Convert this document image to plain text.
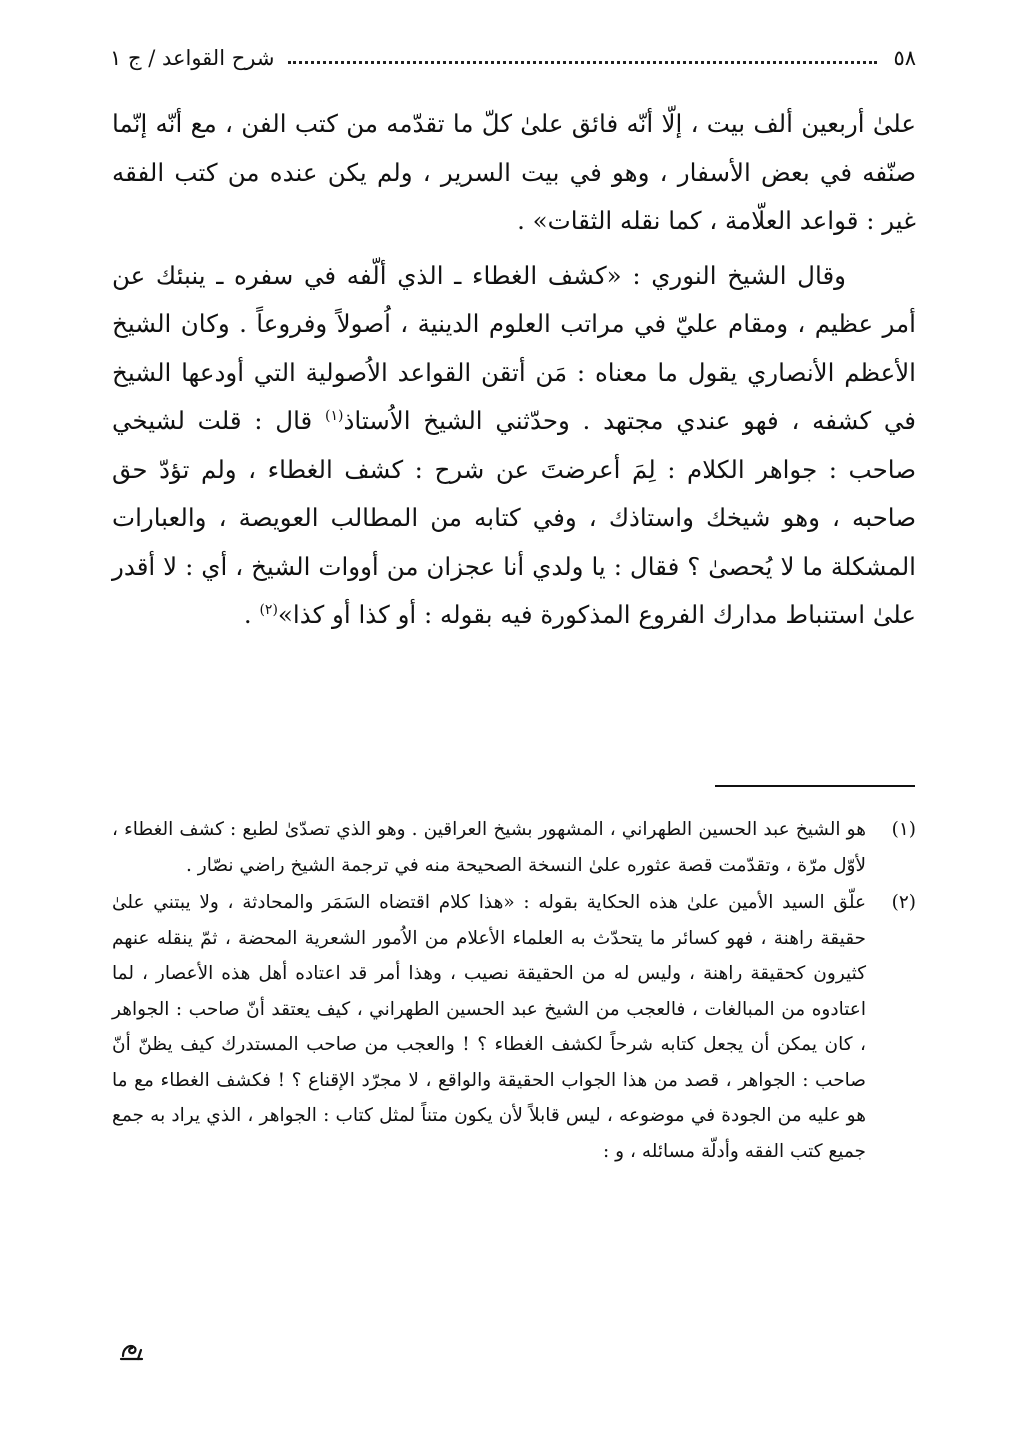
٥٨
شرح القواعد / ج ١

علىٰ أربعين ألف بيت ، إلّا أنّه فائق علىٰ كلّ ما تقدّمه من كتب الفن ، مع أنّه إنّما صنّفه في بعض الأسفار ، وهو في بيت السرير ، ولم يكن عنده من كتب الفقه غير : قواعد العلّامة ، كما نقله الثقات» .

وقال الشيخ النوري : «كشف الغطاء ـ الذي ألّفه في سفره ـ ينبئك عن أمر عظيم ، ومقام عليّ في مراتب العلوم الدينية ، اُصولاً وفروعاً . وكان الشيخ الأعظم الأنصاري يقول ما معناه : مَن أتقن القواعد الاُصولية التي أودعها الشيخ في كشفه ، فهو عندي مجتهد . وحدّثني الشيخ الاُستاذ$^{(١)}$ قال : قلت لشيخي صاحب : جواهر الكلام : لِمَ أعرضتَ عن شرح : كشف الغطاء ، ولم تؤدّ حق صاحبه ، وهو شيخك واستاذك ، وفي كتابه من المطالب العويصة ، والعبارات المشكلة ما لا يُحصىٰ ؟ فقال : يا ولدي أنا عجزان من أووات الشيخ ، أي : لا أقدر علىٰ استنباط مدارك الفروع المذكورة فيه بقوله : أو كذا أو كذا»$^{(٢)}$ .

(١)
هو الشيخ عبد الحسين الطهراني ، المشهور بشيخ العراقين . وهو الذي تصدّىٰ لطبع : كشف الغطاء ، لأوّل مرّة ، وتقدّمت قصة عثوره علىٰ النسخة الصحيحة منه في ترجمة الشيخ راضي نصّار .
(٢)
علّق السيد الأمين علىٰ هذه الحكاية بقوله : «هذا كلام اقتضاه السَمَر والمحادثة ، ولا يبتني علىٰ حقيقة راهنة ، فهو كسائر ما يتحدّث به العلماء الأعلام من الاُمور الشعرية المحضة ، ثمّ ينقله عنهم كثيرون كحقيقة راهنة ، وليس له من الحقيقة نصيب ، وهذا أمر قد اعتاده أهل هذه الأعصار ، لما اعتادوه من المبالغات ، فالعجب من الشيخ عبد الحسين الطهراني ، كيف يعتقد أنّ صاحب : الجواهر ، كان يمكن أن يجعل كتابه شرحاً لكشف الغطاء ؟ ! والعجب من صاحب المستدرك كيف يظنّ أنّ صاحب : الجواهر ، قصد من هذا الجواب الحقيقة والواقع ، لا مجرّد الإقناع ؟ ! فكشف الغطاء مع ما هو عليه من الجودة في موضوعه ، ليس قابلاً لأن يكون متناً لمثل كتاب : الجواهر ، الذي يراد به جمع جميع كتب الفقه وأدلّة مسائله ، و :
